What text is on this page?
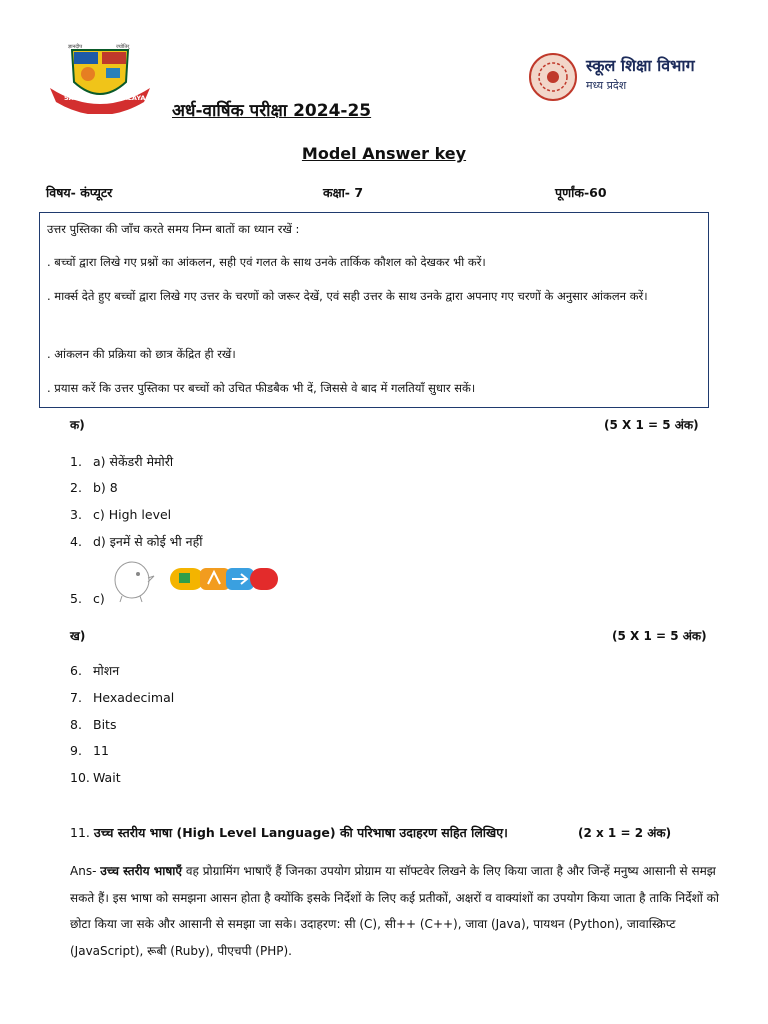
ज्ञानदीप	ज्योतिर्
SANDIPANI VIDYALAYA
स्कूल शिक्षा विभाग
मध्य प्रदेश
अर्ध-वार्षिक परीक्षा 2024-25
Model Answer key
विषय- कंप्यूटर	कक्षा- 7	पूर्णांक-60

उत्तर पुस्तिका की जाँच करते समय निम्न बातों का ध्यान रखें :

. बच्चों द्वारा लिखे गए प्रश्नों का आंकलन, सही एवं गलत के साथ उनके तार्किक कौशल को देखकर भी करें।

. मार्क्स देते हुए बच्चों द्वारा लिखे गए उत्तर के चरणों को जरूर देखें, एवं सही उत्तर के साथ उनके द्वारा अपनाए गए चरणों के अनुसार आंकलन करें।

. आंकलन की प्रक्रिया को छात्र केंद्रित ही रखें।

. प्रयास करें कि उत्तर पुस्तिका पर बच्चों को उचित फीडबैक भी दें, जिससे वे बाद में गलतियाँ सुधार सकें।

क)	(5 X 1 = 5 अंक)
1. a) सेकेंडरी मेमोरी
2. b) 8
3. c) High level
4. d) इनमें से कोई भी नहीं
5. c)
ख)	(5 X 1 = 5 अंक)
6. मोशन
7. Hexadecimal
8. Bits
9. 11
10. Wait
11. उच्च स्तरीय भाषा (High Level Language) की परिभाषा उदाहरण सहित लिखिए।	(2 x 1 = 2 अंक)
Ans- उच्च स्तरीय भाषाएँ वह प्रोग्रामिंग भाषाएँ हैं जिनका उपयोग प्रोग्राम या सॉफ्टवेर लिखने के लिए किया जाता है और जिन्हें मनुष्य आसानी से समझ सकते हैं। इस भाषा को समझना आसन होता है क्योंकि इसके निर्देशों के लिए कई प्रतीकों, अक्षरों व वाक्यांशों का उपयोग किया जाता है ताकि निर्देशों को छोटा किया जा सके और आसानी से समझा जा सके। उदाहरण: सी (C), सी++ (C++), जावा (Java), पायथन (Python), जावास्क्रिप्ट (JavaScript), रूबी (Ruby), पीएचपी (PHP).
